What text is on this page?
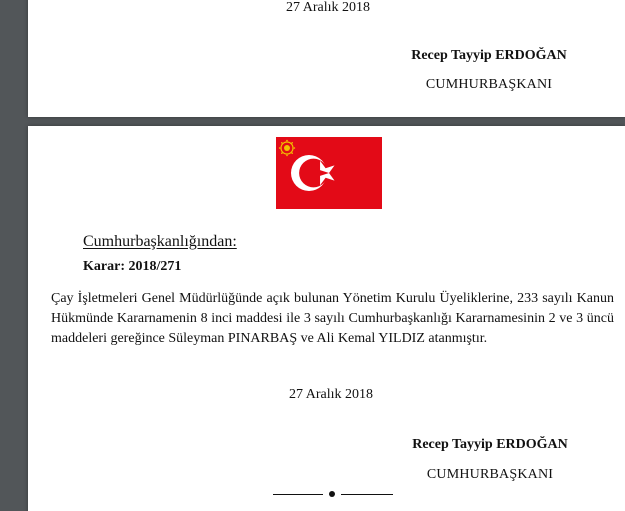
27 Aralık 2018
Recep Tayyip ERDOĞAN
CUMHURBAŞKANI
Cumhurbaşkanlığından:
Karar: 2018/271
Çay İşletmeleri Genel Müdürlüğünde açık bulunan Yönetim Kurulu Üyeliklerine, 233 sayılı Kanun Hükmünde Kararnamenin 8 inci maddesi ile 3 sayılı Cumhurbaşkanlığı Kararnamesinin 2 ve 3 üncü maddeleri gereğince Süleyman PINARBAŞ ve Ali Kemal YILDIZ atanmıştır.
27 Aralık 2018
Recep Tayyip ERDOĞAN
CUMHURBAŞKANI
